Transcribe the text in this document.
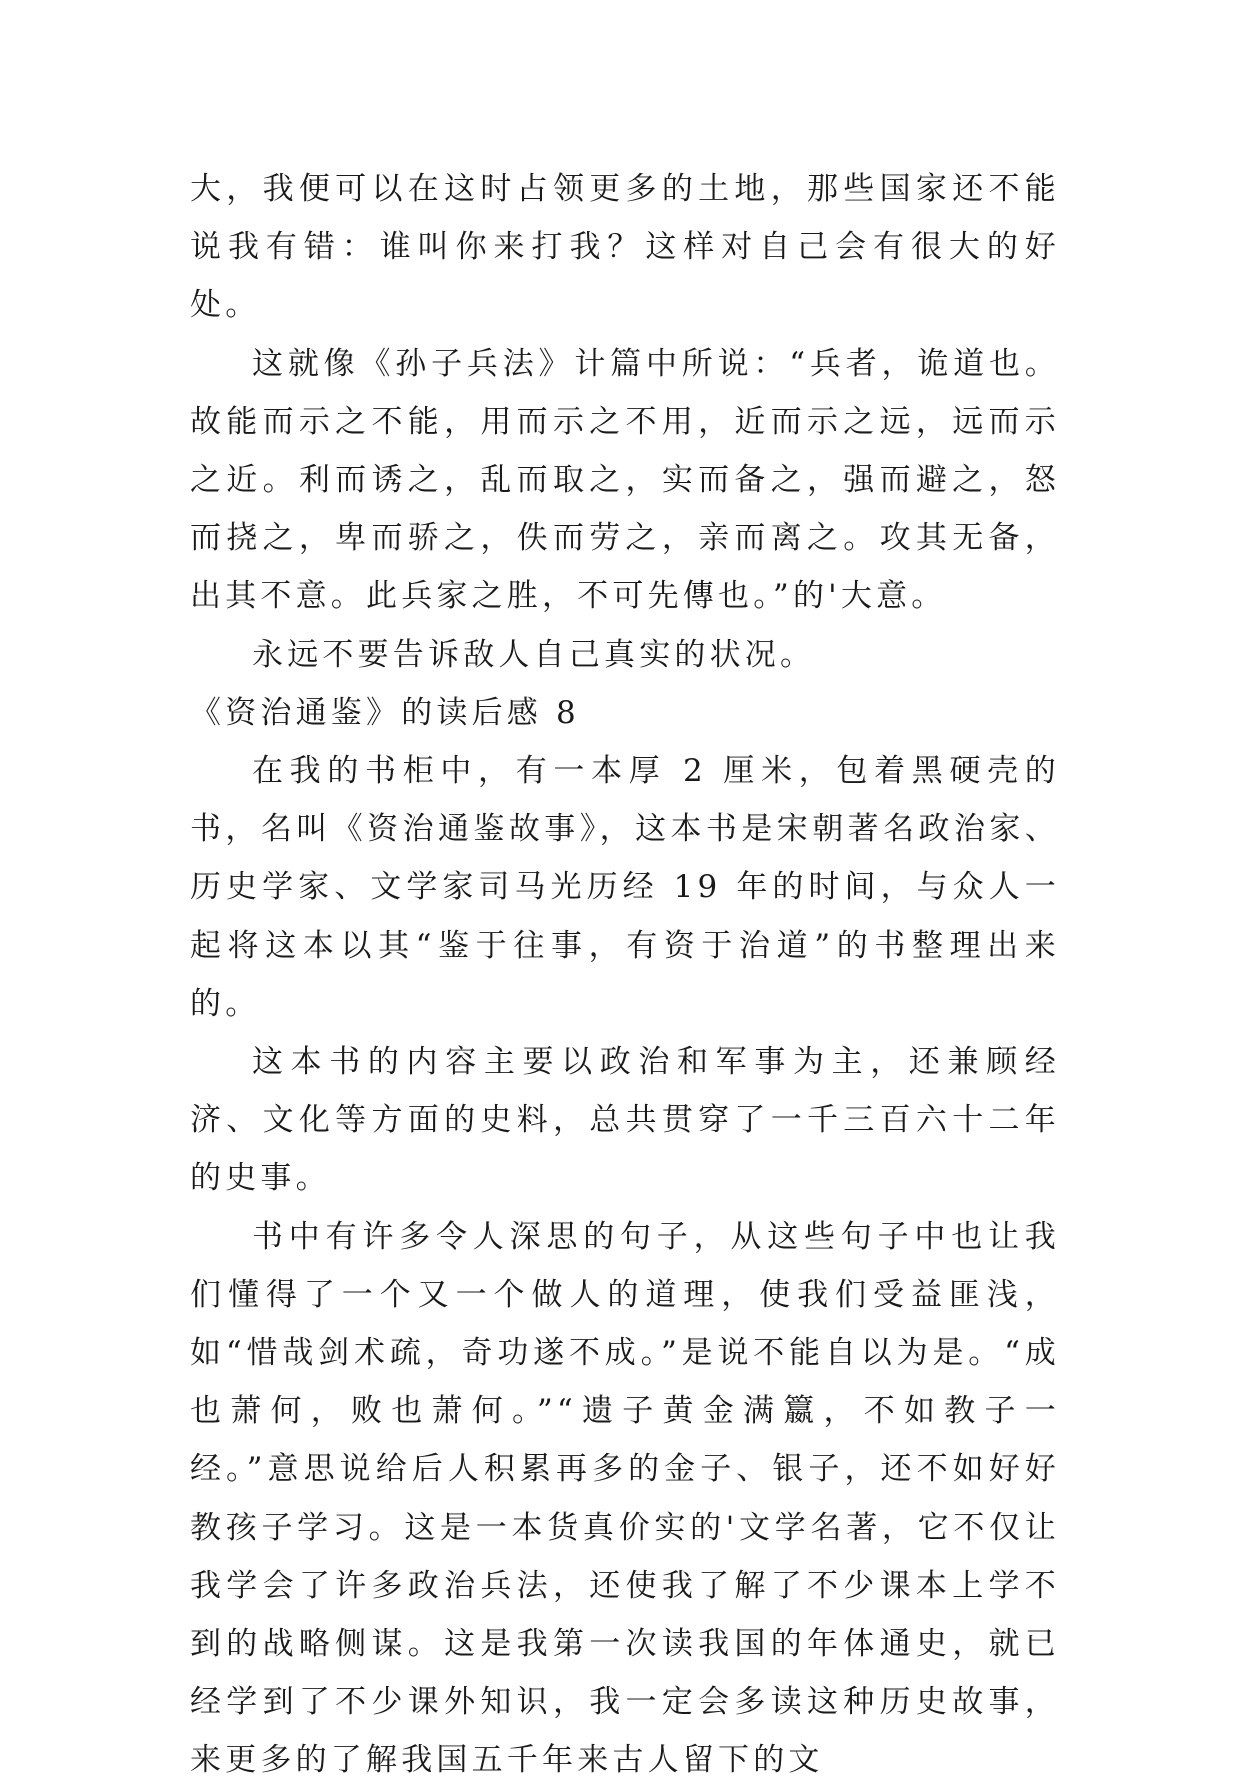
大，我便可以在这时占领更多的土地，那些国家还不能说我有错：谁叫你来打我？这样对自己会有很大的好处。

这就像《孙子兵法》计篇中所说：“兵者，诡道也。故能而示之不能，用而示之不用，近而示之远，远而示之近。利而诱之，乱而取之，实而备之，强而避之，怒而挠之，卑而骄之，佚而劳之，亲而离之。攻其无备，出其不意。此兵家之胜，不可先傳也。”的'大意。

永远不要告诉敌人自己真实的状况。

《资治通鉴》的读后感 8

在我的书柜中，有一本厚 2 厘米，包着黑硬壳的书，名叫《资治通鉴故事》，这本书是宋朝著名政治家、历史学家、文学家司马光历经 19 年的时间，与众人一起将这本以其“鉴于往事，有资于治道”的书整理出来的。

这本书的内容主要以政治和军事为主，还兼顾经济、文化等方面的史料，总共贯穿了一千三百六十二年的史事。

书中有许多令人深思的句子，从这些句子中也让我们懂得了一个又一个做人的道理，使我们受益匪浅，如“惜哉剑术疏，奇功遂不成。”是说不能自以为是。“成也萧何，败也萧何。”“遗子黄金满籝，不如教子一经。”意思说给后人积累再多的金子、银子，还不如好好教孩子学习。这是一本货真价实的'文学名著，它不仅让我学会了许多政治兵法，还使我了解了不少课本上学不到的战略侧谋。这是我第一次读我国的年体通史，就已经学到了不少课外知识，我一定会多读这种历史故事，来更多的了解我国五千年来古人留下的文
